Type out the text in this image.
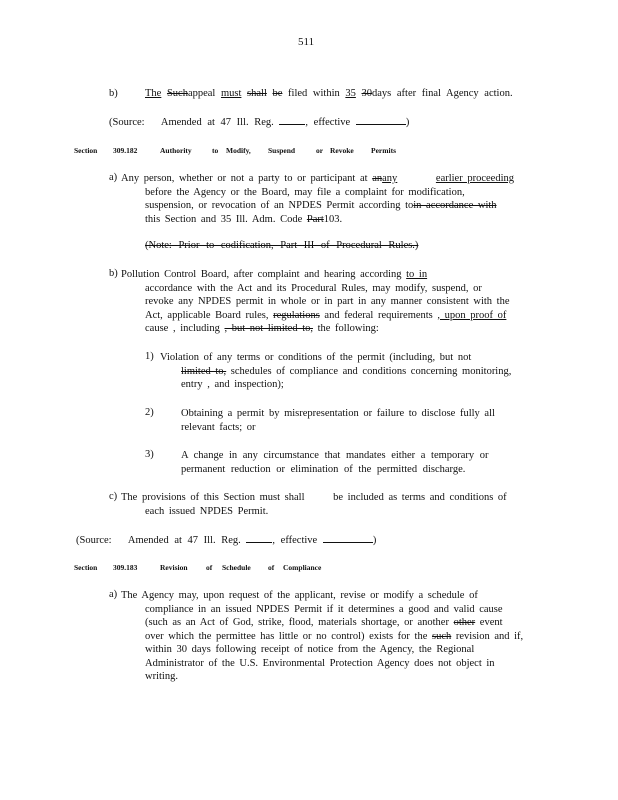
511
b)	The Suchappeal must shall be filed within 35 30days after final Agency action.
(Source: Amended at 47 Ill. Reg.	, effective	)
Section 309.182	Authority	to Modify, Suspend	or Revoke Permits
a) Any person, whether or not a party to or participant at anany	earlier proceeding
before the Agency or the Board, may file a complaint for modification,
suspension, or revocation of an NPDES Permit according toin accordance with
this Section and 35 Ill. Adm. Code Part103.
(Note: Prior to codification, Part III of Procedural Rules.)
b) Pollution Control Board, after complaint and hearing according to in
accordance with the Act and its Procedural Rules, may modify, suspend, or
revoke any NPDES permit in whole or in part in any manner consistent with the
Act, applicable Board rules, regulations and federal requirements , upon proof of
cause , including , but not limited to, the following:
1) Violation of any terms or conditions of the permit (including, but not
limited to, schedules of compliance and conditions concerning monitoring,
entry , and inspection);
2)	Obtaining a permit by misrepresentation or failure to disclose fully all
relevant facts; or
3)	A change in any circumstance that mandates either a temporary or
permanent reduction or elimination of the permitted discharge.
c) The provisions of this Section must shall	be included as terms and conditions of
each issued NPDES Permit.
(Source: Amended at 47 Ill. Reg.	, effective	)
Section 309.183	Revision of Schedule of Compliance
a) The Agency may, upon request of the applicant, revise or modify a schedule of
compliance in an issued NPDES Permit if it determines a good and valid cause
(such as an Act of God, strike, flood, materials shortage, or another other event
over which the permittee has little or no control) exists for the such revision and if,
within 30 days following receipt of notice from the Agency, the Regional
Administrator of the U.S. Environmental Protection Agency does not object in
writing.
